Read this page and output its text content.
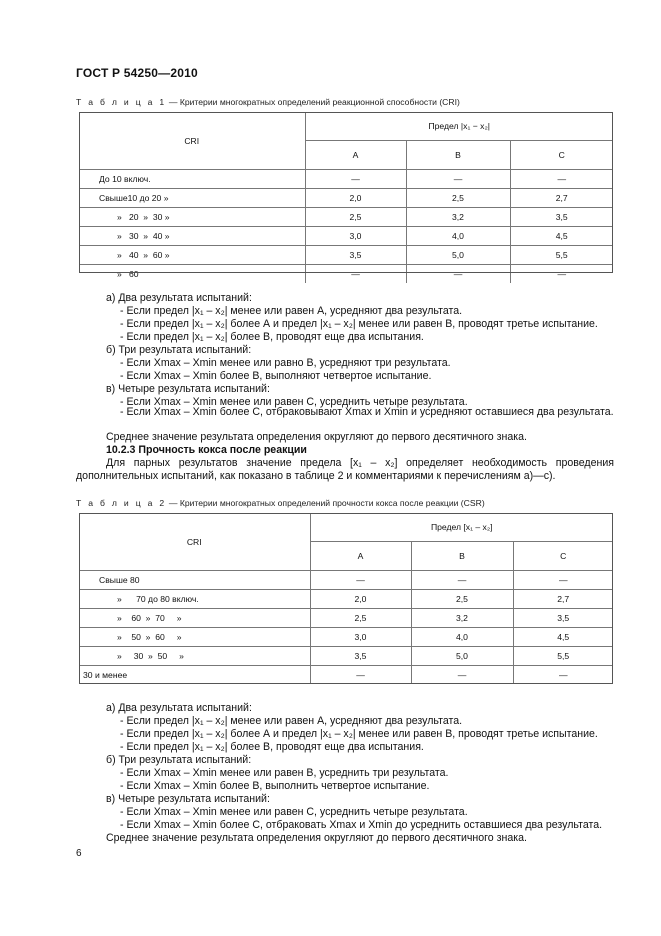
ГОСТ Р 54250—2010
Т а б л и ц а 1 — Критерии многократных определений реакционной способности (CRI)
CRI	Предел |x₁ − x₂|		
	А	В	С
До 10 включ.	—	—	—
Свыше10 до 20 »	2,0	2,5	2,7
»   20  »  30 »	2,5	3,2	3,5
»   30  »  40 »	3,0	4,0	4,5
»   40  »  60 »	3,5	5,0	5,5
»   60	—	—	—
а) Два результата испытаний:
- Если предел |x₁ – x₂| менее или равен А, усредняют два результата.
- Если предел |x₁ – x₂| более А и предел |x₁ – x₂| менее или равен В, проводят третье испытание.
- Если предел |x₁ – x₂| более В, проводят еще два испытания.
б) Три результата испытаний:
- Если Xmax – Xmin менее или равно В, усредняют три результата.
- Если Xmax – Xmin более В, выполняют четвертое испытание.
в) Четыре результата испытаний:
- Если Xmax – Xmin менее или равен С, усреднить четыре результата.
- Если Xmax – Xmin более С, отбраковывают Xmax и Xmin и усредняют оставшиеся два результата.
Среднее значение результата определения округляют до первого десятичного знака.
10.2.3 Прочность кокса после реакции
Для парных результатов значение предела [x₁ – x₂] определяет необходимость проведения дополнительных испытаний, как показано в таблице 2 и комментариями к перечислениям а)—с).
Т а б л и ц а 2 — Критерии многократных определений прочности кокса после реакции (CSR)
CRI	Предел [x₁ – x₂]		
	А	В	С
Свыше 80	—	—	—
»      70 до 80 включ.	2,0	2,5	2,7
»    60  »  70     »	2,5	3,2	3,5
»    50  »  60     »	3,0	4,0	4,5
»     30  »  50     »	3,5	5,0	5,5
30 и менее	—	—	—
а) Два результата испытаний:
- Если предел |x₁ – x₂| менее или равен А, усредняют два результата.
- Если предел |x₁ – x₂| более А и предел |x₁ – x₂| менее или равен В, проводят третье испытание.
- Если предел |x₁ – x₂| более В, проводят еще два испытания.
б) Три результата испытаний:
- Если Xmax – Xmin менее или равен В, усреднить три результата.
- Если Xmax – Xmin более В, выполнить четвертое испытание.
в) Четыре результата испытаний:
- Если Xmax – Xmin менее или равен С, усреднить четыре результата.
- Если Xmax – Xmin более С, отбраковать Xmax и Xmin до усреднить оставшиеся два результата.
Среднее значение результата определения округляют до первого десятичного знака.
6
